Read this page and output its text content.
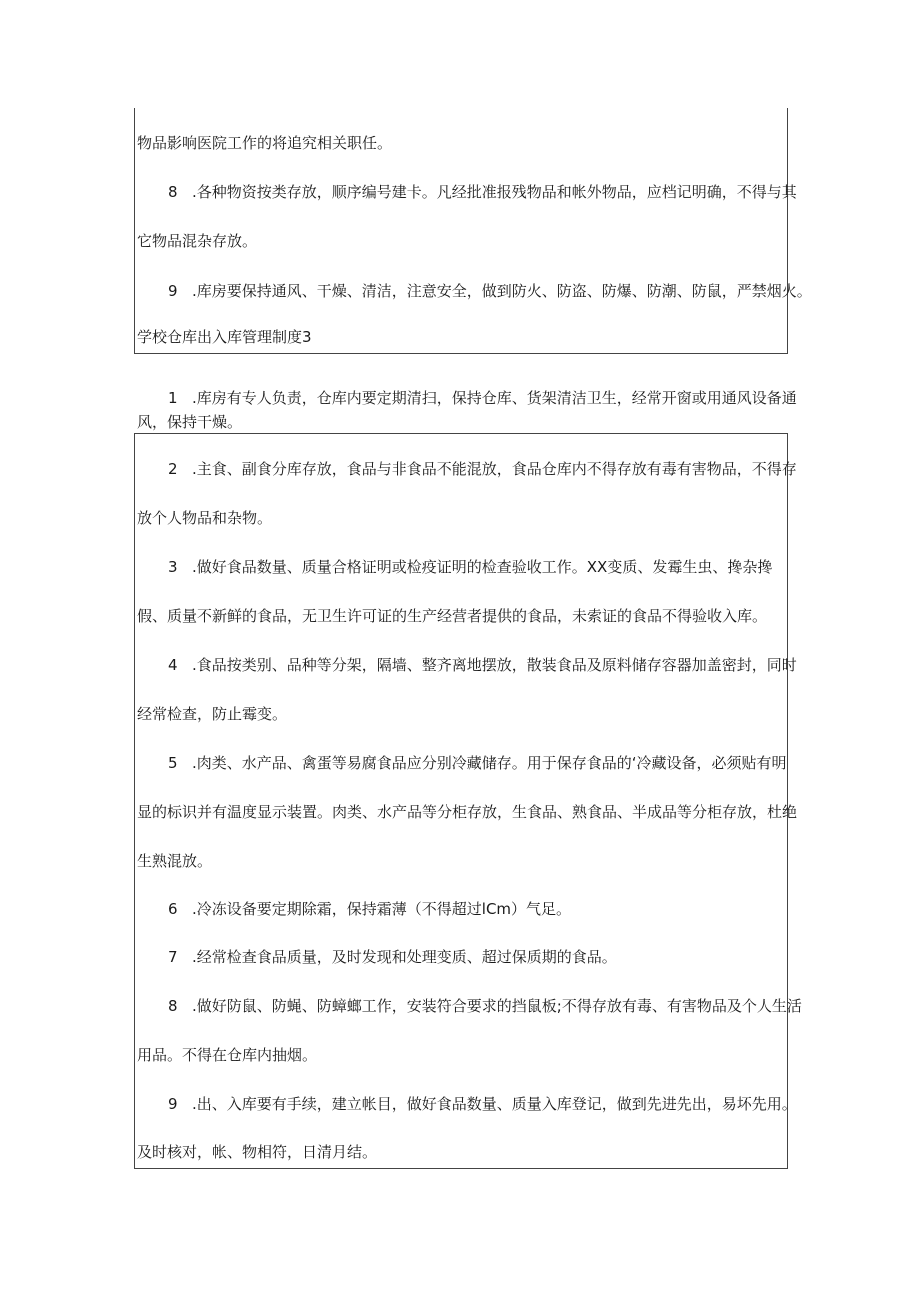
物品影响医院工作的将追究相关职任。
8 .各种物资按类存放，顺序编号建卡。凡经批准报残物品和帐外物品，应档记明确，不得与其
它物品混杂存放。
9 .库房要保持通风、干燥、清洁，注意安全，做到防火、防盗、防爆、防潮、防鼠，严禁烟火。
学校仓库出入库管理制度3
1 .库房有专人负责，仓库内要定期清扫，保持仓库、货架清洁卫生，经常开窗或用通风设备通
风，保持干燥。
2 .主食、副食分库存放，食品与非食品不能混放，食品仓库内不得存放有毒有害物品，不得存
放个人物品和杂物。
3 .做好食品数量、质量合格证明或检疫证明的检查验收工作。XX变质、发霉生虫、搀杂搀
假、质量不新鲜的食品，无卫生许可证的生产经营者提供的食品，未索证的食品不得验收入库。
4 .食品按类别、品种等分架，隔墙、整齐离地摆放，散装食品及原料储存容器加盖密封，同时
经常检查，防止霉变。
5 .肉类、水产品、禽蛋等易腐食品应分别冷藏储存。用于保存食品的‘冷藏设备，必须贴有明
显的标识并有温度显示装置。肉类、水产品等分柜存放，生食品、熟食品、半成品等分柜存放，杜绝
生熟混放。
6 .冷冻设备要定期除霜，保持霜薄（不得超过lCm）气足。
7 .经常检查食品质量，及时发现和处理变质、超过保质期的食品。
8 .做好防鼠、防蝇、防蟑螂工作，安装符合要求的挡鼠板;不得存放有毒、有害物品及个人生活
用品。不得在仓库内抽烟。
9 .出、入库要有手续，建立帐目，做好食品数量、质量入库登记，做到先进先出，易坏先用。
及时核对，帐、物相符，日清月结。
